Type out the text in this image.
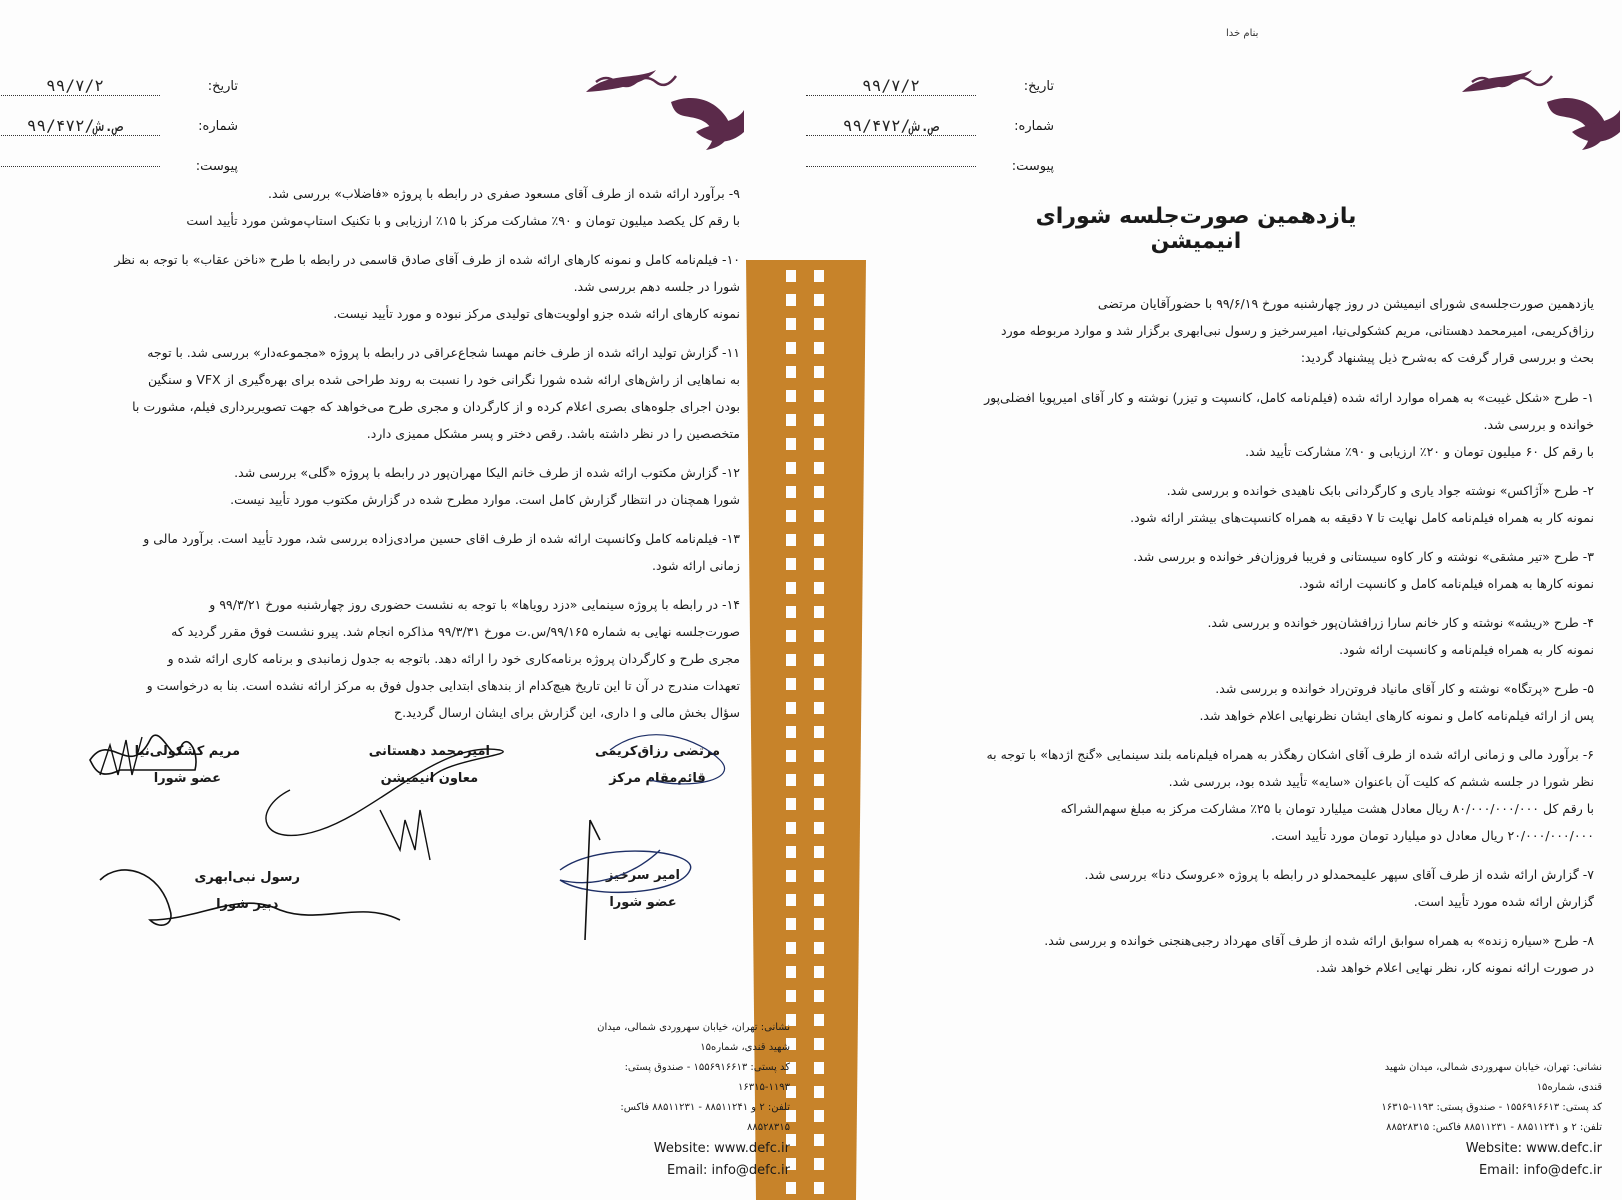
تاریخ:
۹۹/۷/۲
شماره:
۹۹/۴۷۲/ص.ش
پیوست:
۹- برآورد ارائه شده از طرف آقای مسعود صفری در رابطه با پروژه «فاضلاب» بررسی شد.
با رقم کل یکصد میلیون تومان و ۹۰٪ مشارکت مرکز با ۱۵٪ ارزیابی و با تکنیک استاپ‌موشن مورد تأیید است
۱۰- فیلم‌نامه کامل و نمونه کارهای ارائه شده از طرف آقای صادق قاسمی در رابطه با طرح «ناخن عقاب» با توجه به نظر
شورا در جلسه دهم بررسی شد.
نمونه کارهای ارائه شده جزو اولویت‌های تولیدی مرکز نبوده و مورد تأیید نیست.
۱۱- گزارش تولید ارائه شده از طرف خانم مهسا شجاع‌عراقی در رابطه با پروژه «مجموعه‌دار» بررسی شد. با توجه
به نماهایی از راش‌های ارائه شده شورا نگرانی خود را نسبت به روند طراحی شده برای بهره‌گیری از VFX و سنگین
بودن اجرای جلوه‌های بصری اعلام کرده و از کارگردان و مجری طرح می‌خواهد که جهت تصویربرداری فیلم، مشورت با
متخصصین را در نظر داشته باشد. رقص دختر و پسر مشکل ممیزی دارد.
۱۲- گزارش مکتوب ارائه شده از طرف خانم الیکا مهران‌پور در رابطه با پروژه «گلی» بررسی شد.
شورا همچنان در انتظار گزارش کامل است. موارد مطرح شده در گزارش مکتوب مورد تأیید نیست.
۱۳- فیلم‌نامه کامل وکانسپت ارائه شده از طرف اقای حسین مرادی‌زاده بررسی شد، مورد تأیید است. برآورد مالی و
زمانی ارائه شود.
۱۴- در رابطه با پروژه سینمایی «دزد رویاها» با توجه به نشست حضوری روز چهارشنبه مورخ ۹۹/۳/۲۱ و
صورت‌جلسه نهایی به شماره ۹۹/۱۶۵/س.ت مورخ ۹۹/۳/۳۱ مذاکره انجام شد. پیرو نشست فوق مقرر گردید که
مجری طرح و کارگردان پروژه برنامه‌کاری خود را ارائه دهد. باتوجه به جدول زمانبدی و برنامه کاری ارائه شده و
تعهدات مندرج در آن تا این تاریخ هیچ‌کدام از بندهای ابتدایی جدول فوق به مرکز ارائه نشده است. بنا به درخواست و
سؤال بخش مالی و ا داری، این گزارش برای ایشان ارسال گردید.ح
مرتضی رزاق‌کریمی
قائم‌مقام مرکز
امیرمحمد دهستانی
معاون انیمیشن
مریم کشکولی‌نیا
عضو شورا
امیر سرخیز
عضو شورا
رسول نبی‌ابهری
دبیر شورا
نشانی: تهران، خیابان سهروردی شمالی، میدان شهید قندی، شماره۱۵
کد پستی: ۱۵۵۶۹۱۶۶۱۳ - صندوق پستی: ۱۱۹۳-۱۶۳۱۵
تلفن: ۲ و ۸۸۵۱۱۲۴۱ - ۸۸۵۱۱۲۳۱ فاکس: ۸۸۵۲۸۳۱۵
Website: www.defc.ir
Email: info@defc.ir
بنام خدا
تاریخ:
۹۹/۷/۲
شماره:
۹۹/۴۷۲/ص.ش
پیوست:
یازدهمین صورت‌جلسه شورای انیمیشن
یازدهمین صورت‌جلسه‌ی شورای انیمیشن در روز چهارشنبه مورخ ۹۹/۶/۱۹ با حضورآقایان مرتضی
رزاق‌کریمی، امیرمحمد دهستانی، مریم کشکولی‌نیا، امیرسرخیز و رسول نبی‌ابهری برگزار شد و موارد مربوطه مورد
بحث و بررسی قرار گرفت که به‌شرح ذیل پیشنهاد گردید:
۱- طرح «شکل غیبت» به همراه موارد ارائه شده (فیلم‌نامه کامل، کانسپت و تیزر) نوشته و کار آقای امیرپویا افضلی‌پور
خوانده و بررسی شد.
با رقم کل ۶۰ میلیون تومان و ۲۰٪ ارزیابی و ۹۰٪ مشارکت تأیید شد.
۲- طرح «آژاکس» نوشته جواد یاری و کارگردانی بابک ناهیدی خوانده و بررسی شد.
نمونه کار به همراه فیلم‌نامه کامل نهایت تا ۷ دقیقه به همراه کانسپت‌های بیشتر ارائه شود.
۳- طرح «تیر مشقی» نوشته و کار کاوه سیستانی و فریبا فروزان‌فر خوانده و بررسی شد.
نمونه کارها به همراه فیلم‌نامه کامل و کانسپت ارائه شود.
۴- طرح «ریشه» نوشته و کار خانم سارا زرافشان‌پور خوانده و بررسی شد.
نمونه کار به همراه فیلم‌نامه و کانسپت ارائه شود.
۵- طرح «پرتگاه» نوشته و کار آقای مانیاد فروتن‌راد خوانده و بررسی شد.
پس از ارائه فیلم‌نامه کامل و نمونه کارهای ایشان نظرنهایی اعلام خواهد شد.
۶- برآورد مالی و زمانی ارائه شده از طرف آقای اشکان رهگذر به همراه فیلم‌نامه بلند سینمایی «گنج اژدها» با توجه به
نظر شورا در جلسه ششم که کلیت آن باعنوان «سایه» تأیید شده بود، بررسی شد.
با رقم کل ۸۰/۰۰۰/۰۰۰/۰۰۰ ریال معادل هشت میلیارد تومان با ۲۵٪ مشارکت مرکز به مبلغ سهم‌الشراکه
۲۰/۰۰۰/۰۰۰/۰۰۰ ریال معادل دو میلیارد تومان مورد تأیید است.
۷- گزارش ارائه شده از طرف آقای سپهر علیمحمدلو در رابطه با پروژه «عروسک دنا» بررسی شد.
گزارش ارائه شده مورد تأیید است.
۸- طرح «سیاره زنده» به همراه سوابق ارائه شده از طرف آقای مهرداد رجبی‌هنجنی خوانده و بررسی شد.
در صورت ارائه نمونه کار، نظر نهایی اعلام خواهد شد.
نشانی: تهران، خیابان سهروردی شمالی، میدان شهید قندی، شماره۱۵
کد پستی: ۱۵۵۶۹۱۶۶۱۳ - صندوق پستی: ۱۱۹۳-۱۶۳۱۵
تلفن: ۲ و ۸۸۵۱۱۲۴۱ - ۸۸۵۱۱۲۳۱ فاکس: ۸۸۵۲۸۳۱۵
Website: www.defc.ir
Email: info@defc.ir
